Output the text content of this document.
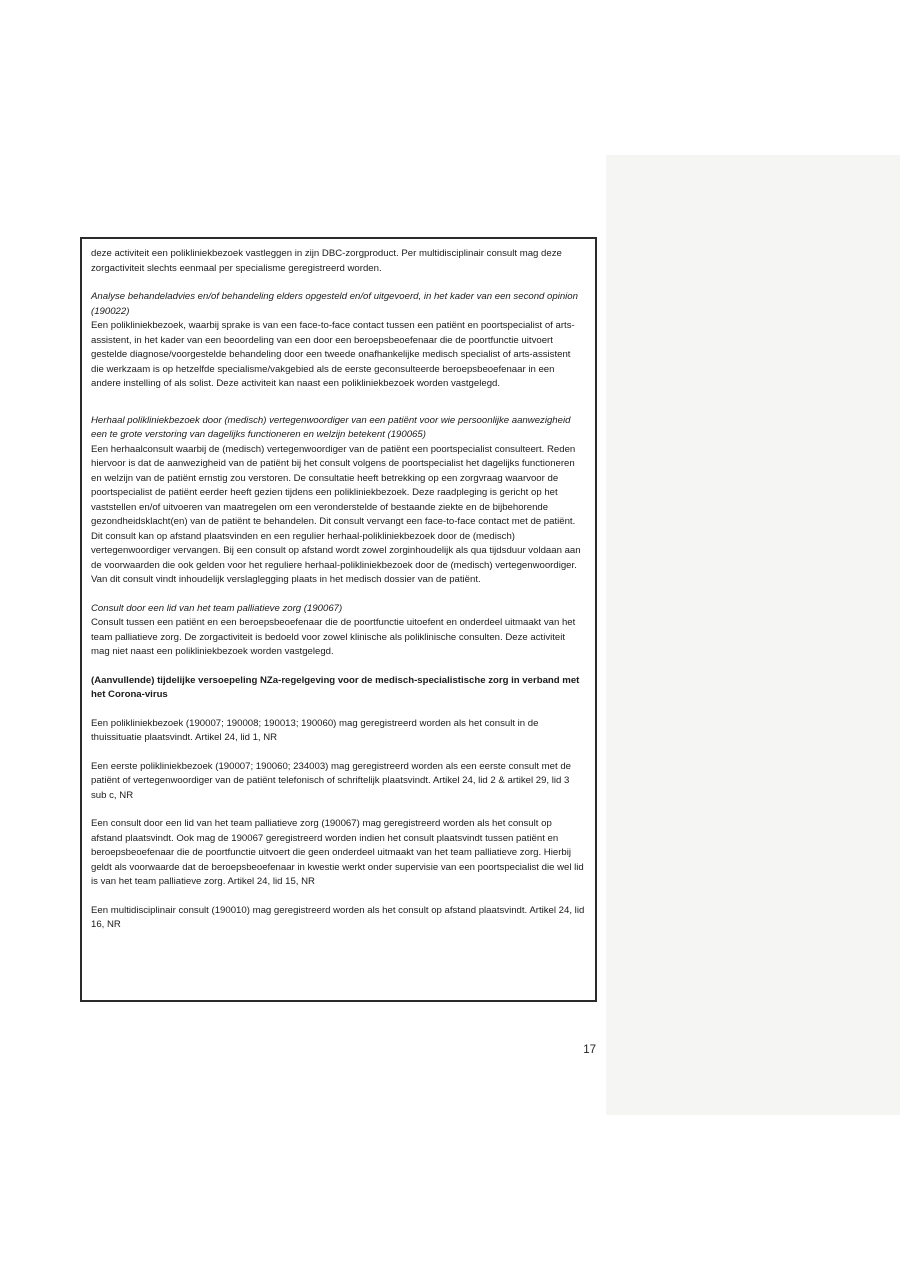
deze activiteit een polikliniekbezoek vastleggen in zijn DBC-zorgproduct. Per multidisciplinair consult mag deze zorgactiviteit slechts eenmaal per specialisme geregistreerd worden.

Analyse behandeladvies en/of behandeling elders opgesteld en/of uitgevoerd, in het kader van een second opinion (190022)

Een polikliniekbezoek, waarbij sprake is van een face-to-face contact tussen een patiënt en poortspecialist of arts-assistent, in het kader van een beoordeling van een door een beroepsbeoefenaar die de poortfunctie uitvoert gestelde diagnose/voorgestelde behandeling door een tweede onafhankelijke medisch specialist of arts-assistent die werkzaam is op hetzelfde specialisme/vakgebied als de eerste geconsulteerde beroepsbeoefenaar in een andere instelling of als solist. Deze activiteit kan naast een polikliniekbezoek worden vastgelegd.

Herhaal polikliniekbezoek door (medisch) vertegenwoordiger van een patiënt voor wie persoonlijke aanwezigheid een te grote verstoring van dagelijks functioneren en welzijn betekent (190065)

Een herhaalconsult waarbij de (medisch) vertegenwoordiger van de patiënt een poortspecialist consulteert. Reden hiervoor is dat de aanwezigheid van de patiënt bij het consult volgens de poortspecialist het dagelijks functioneren en welzijn van de patiënt ernstig zou verstoren. De consultatie heeft betrekking op een zorgvraag waarvoor de poortspecialist de patiënt eerder heeft gezien tijdens een polikliniekbezoek. Deze raadpleging is gericht op het vaststellen en/of uitvoeren van maatregelen om een veronderstelde of bestaande ziekte en de bijbehorende gezondheidsklacht(en) van de patiënt te behandelen. Dit consult vervangt een face-to-face contact met de patiënt. Dit consult kan op afstand plaatsvinden en een regulier herhaal-polikliniekbezoek door de (medisch) vertegenwoordiger vervangen. Bij een consult op afstand wordt zowel zorginhoudelijk als qua tijdsduur voldaan aan de voorwaarden die ook gelden voor het reguliere herhaal-polikliniekbezoek door de (medisch) vertegenwoordiger. Van dit consult vindt inhoudelijk verslaglegging plaats in het medisch dossier van de patiënt.

Consult door een lid van het team palliatieve zorg (190067)

Consult tussen een patiënt en een beroepsbeoefenaar die de poortfunctie uitoefent en onderdeel uitmaakt van het team palliatieve zorg. De zorgactiviteit is bedoeld voor zowel klinische als poliklinische consulten. Deze activiteit mag niet naast een polikliniekbezoek worden vastgelegd.

(Aanvullende) tijdelijke versoepeling NZa-regelgeving voor de medisch-specialistische zorg in verband met het Corona-virus

Een polikliniekbezoek (190007; 190008; 190013; 190060) mag geregistreerd worden als het consult in de thuissituatie plaatsvindt. Artikel 24, lid 1, NR

Een eerste polikliniekbezoek (190007; 190060; 234003) mag geregistreerd worden als een eerste consult met de patiënt of vertegenwoordiger van de patiënt telefonisch of schriftelijk plaatsvindt. Artikel 24, lid 2 & artikel 29, lid 3 sub c, NR

Een consult door een lid van het team palliatieve zorg (190067) mag geregistreerd worden als het consult op afstand plaatsvindt. Ook mag de 190067 geregistreerd worden indien het consult plaatsvindt tussen patiënt en beroepsbeoefenaar die de poortfunctie uitvoert die geen onderdeel uitmaakt van het team palliatieve zorg. Hierbij geldt als voorwaarde dat de beroepsbeoefenaar in kwestie werkt onder supervisie van een poortspecialist die wel lid is van het team palliatieve zorg. Artikel 24, lid 15, NR

Een multidisciplinair consult (190010) mag geregistreerd worden als het consult op afstand plaatsvindt. Artikel 24, lid 16, NR

17
